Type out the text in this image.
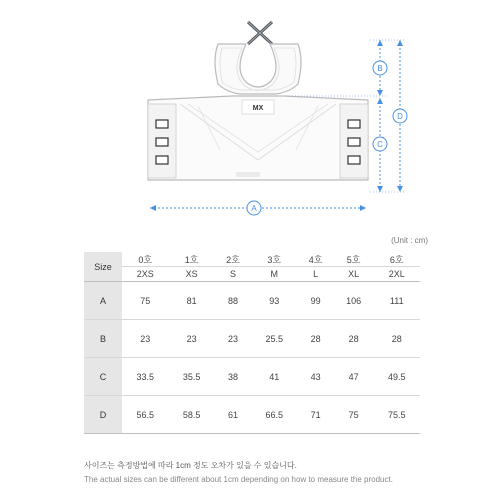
MX
A
B
C
D
(Unit : cm)
Size	0호	1호	2호	3호	4호	5호	6호
	2XS	XS	S	M	L	XL	2XL
A	75	81	88	93	99	106	111
B	23	23	23	25.5	28	28	28
C	33.5	35.5	38	41	43	47	49.5
D	56.5	58.5	61	66.5	71	75	75.5
사이즈는 측정방법에 따라 1cm 정도 오차가 있을 수 있습니다.
The actual sizes can be different about 1cm depending on how to measure the product.
